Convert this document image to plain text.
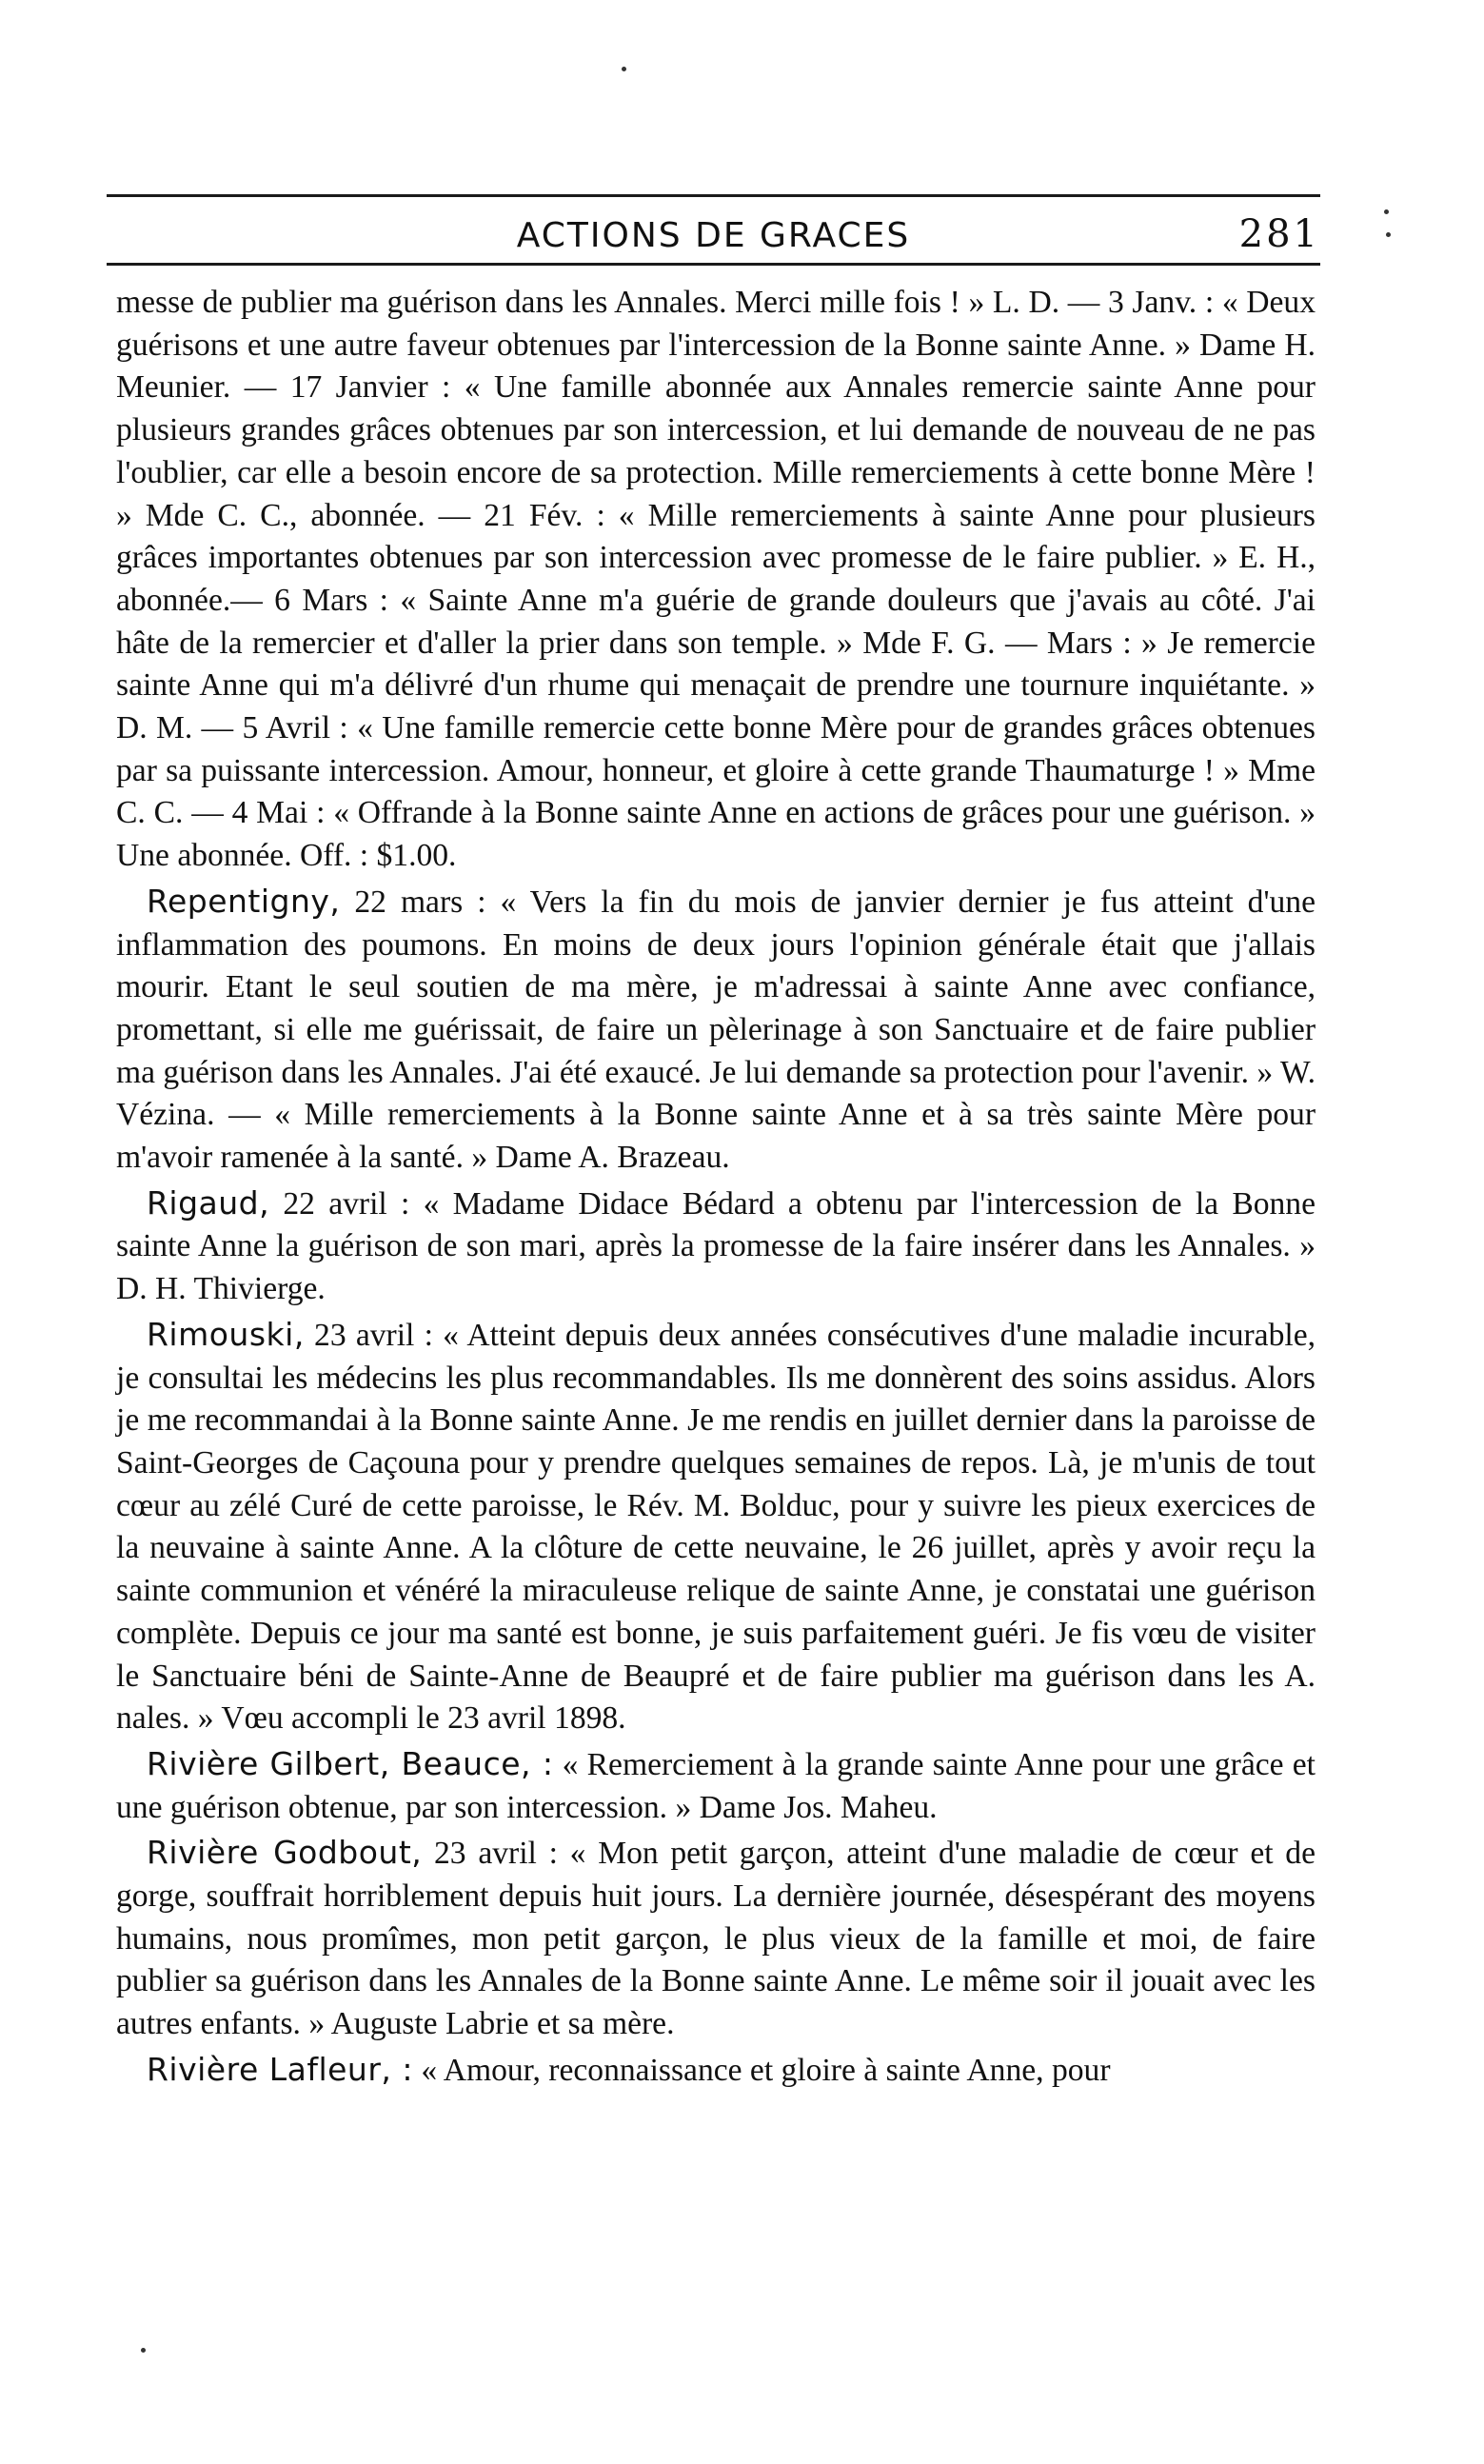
ACTIONS DE GRACES	281

messe de publier ma guérison dans les Annales. Merci mille fois ! » L. D. — 3 Janv. : « Deux guérisons et une autre faveur obtenues par l'intercession de la Bonne sainte Anne. » Dame H. Meunier. — 17 Janvier : « Une famille abonnée aux Annales remercie sainte Anne pour plusieurs grandes grâces obtenues par son intercession, et lui demande de nouveau de ne pas l'oublier, car elle a besoin encore de sa protection. Mille remerciements à cette bonne Mère ! » Mde C. C., abonnée. — 21 Fév. : « Mille remerciements à sainte Anne pour plusieurs grâces importantes obtenues par son intercession avec promesse de le faire publier. » E. H., abonnée.— 6 Mars : « Sainte Anne m'a guérie de grande douleurs que j'avais au côté. J'ai hâte de la remercier et d'aller la prier dans son temple. » Mde F. G. — Mars : » Je remercie sainte Anne qui m'a délivré d'un rhume qui menaçait de prendre une tournure inquiétante. » D. M. — 5 Avril : « Une famille remercie cette bonne Mère pour de grandes grâces obtenues par sa puissante intercession. Amour, honneur, et gloire à cette grande Thaumaturge ! » Mme C. C. — 4 Mai : « Offrande à la Bonne sainte Anne en actions de grâces pour une guérison. » Une abonnée. Off. : $1.00.

Repentigny, 22 mars : « Vers la fin du mois de janvier dernier je fus atteint d'une inflammation des poumons. En moins de deux jours l'opinion générale était que j'allais mourir. Etant le seul soutien de ma mère, je m'adressai à sainte Anne avec confiance, promettant, si elle me guérissait, de faire un pèlerinage à son Sanctuaire et de faire publier ma guérison dans les Annales. J'ai été exaucé. Je lui demande sa protection pour l'avenir. » W. Vézina. — « Mille remerciements à la Bonne sainte Anne et à sa très sainte Mère pour m'avoir ramenée à la santé. » Dame A. Brazeau.

Rigaud, 22 avril : « Madame Didace Bédard a obtenu par l'intercession de la Bonne sainte Anne la guérison de son mari, après la promesse de la faire insérer dans les Annales. » D. H. Thivierge.

Rimouski, 23 avril : « Atteint depuis deux années consécutives d'une maladie incurable, je consultai les médecins les plus recommandables. Ils me donnèrent des soins assidus. Alors je me recommandai à la Bonne sainte Anne. Je me rendis en juillet dernier dans la paroisse de Saint-Georges de Caçouna pour y prendre quelques semaines de repos. Là, je m'unis de tout cœur au zélé Curé de cette paroisse, le Rév. M. Bolduc, pour y suivre les pieux exercices de la neuvaine à sainte Anne. A la clôture de cette neuvaine, le 26 juillet, après y avoir reçu la sainte communion et vénéré la miraculeuse relique de sainte Anne, je constatai une guérison complète. Depuis ce jour ma santé est bonne, je suis parfaitement guéri. Je fis vœu de visiter le Sanctuaire béni de Sainte-Anne de Beaupré et de faire publier ma guérison dans les A. nales. » Vœu accompli le 23 avril 1898.

Rivière Gilbert, Beauce, : « Remerciement à la grande sainte Anne pour une grâce et une guérison obtenue, par son intercession. » Dame Jos. Maheu.

Rivière Godbout, 23 avril : « Mon petit garçon, atteint d'une maladie de cœur et de gorge, souffrait horriblement depuis huit jours. La dernière journée, désespérant des moyens humains, nous promîmes, mon petit garçon, le plus vieux de la famille et moi, de faire publier sa guérison dans les Annales de la Bonne sainte Anne. Le même soir il jouait avec les autres enfants. » Auguste Labrie et sa mère.

Rivière Lafleur, : « Amour, reconnaissance et gloire à sainte Anne, pour
